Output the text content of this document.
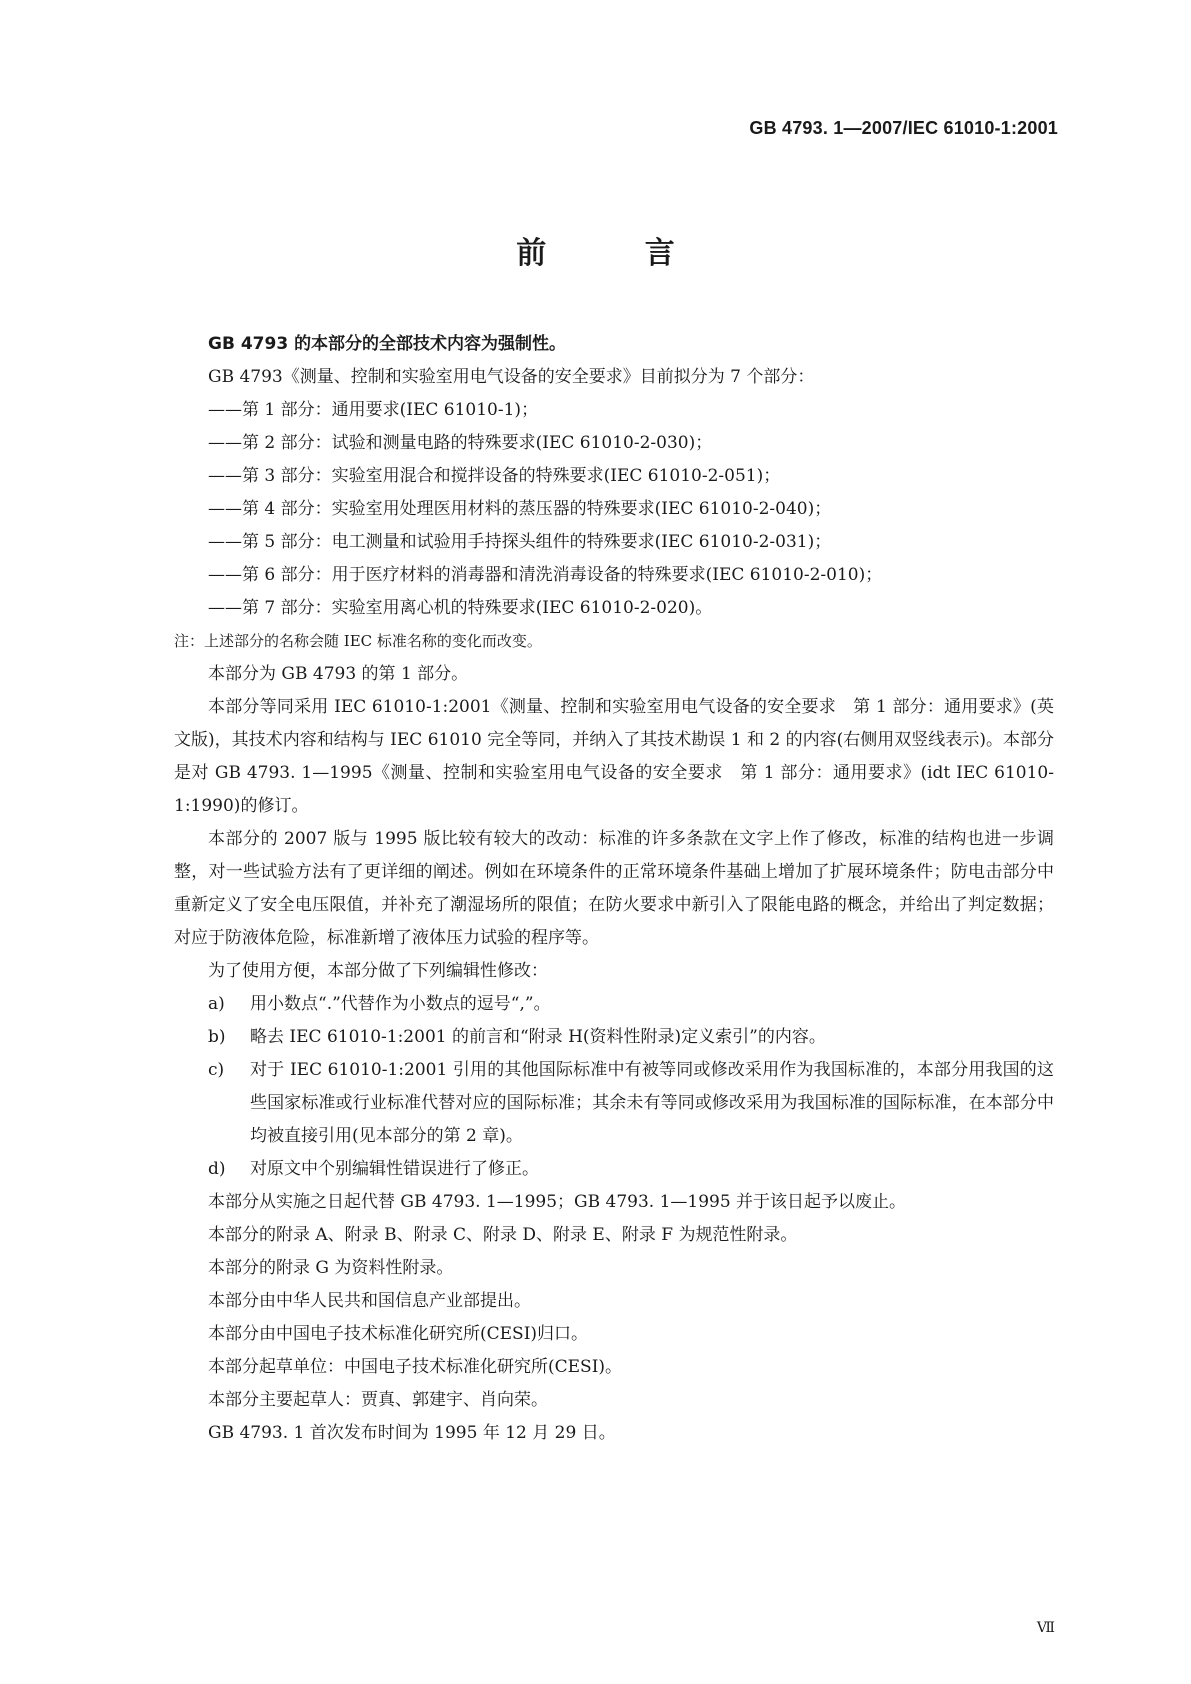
GB 4793. 1—2007/IEC 61010-1:2001
前 言

GB 4793 的本部分的全部技术内容为强制性。

GB 4793《测量、控制和实验室用电气设备的安全要求》目前拟分为 7 个部分：

——第 1 部分：通用要求(IEC 61010-1)；

——第 2 部分：试验和测量电路的特殊要求(IEC 61010-2-030)；

——第 3 部分：实验室用混合和搅拌设备的特殊要求(IEC 61010-2-051)；

——第 4 部分：实验室用处理医用材料的蒸压器的特殊要求(IEC 61010-2-040)；

——第 5 部分：电工测量和试验用手持探头组件的特殊要求(IEC 61010-2-031)；

——第 6 部分：用于医疗材料的消毒器和清洗消毒设备的特殊要求(IEC 61010-2-010)；

——第 7 部分：实验室用离心机的特殊要求(IEC 61010-2-020)。

注：上述部分的名称会随 IEC 标准名称的变化而改变。

本部分为 GB 4793 的第 1 部分。

本部分等同采用 IEC 61010-1:2001《测量、控制和实验室用电气设备的安全要求　第 1 部分：通用要求》(英文版)，其技术内容和结构与 IEC 61010 完全等同，并纳入了其技术勘误 1 和 2 的内容(右侧用双竖线表示)。本部分是对 GB 4793. 1—1995《测量、控制和实验室用电气设备的安全要求　第 1 部分：通用要求》(idt IEC 61010-1:1990)的修订。

本部分的 2007 版与 1995 版比较有较大的改动：标准的许多条款在文字上作了修改，标准的结构也进一步调整，对一些试验方法有了更详细的阐述。例如在环境条件的正常环境条件基础上增加了扩展环境条件；防电击部分中重新定义了安全电压限值，并补充了潮湿场所的限值；在防火要求中新引入了限能电路的概念，并给出了判定数据；对应于防液体危险，标准新增了液体压力试验的程序等。

为了使用方便，本部分做了下列编辑性修改：

a)	用小数点“.”代替作为小数点的逗号“,”。
b)	略去 IEC 61010-1:2001 的前言和“附录 H(资料性附录)定义索引”的内容。
c)	对于 IEC 61010-1:2001 引用的其他国际标准中有被等同或修改采用作为我国标准的，本部分用我国的这些国家标准或行业标准代替对应的国际标准；其余未有等同或修改采用为我国标准的国际标准，在本部分中均被直接引用(见本部分的第 2 章)。
d)	对原文中个别编辑性错误进行了修正。

本部分从实施之日起代替 GB 4793. 1—1995；GB 4793. 1—1995 并于该日起予以废止。

本部分的附录 A、附录 B、附录 C、附录 D、附录 E、附录 F 为规范性附录。

本部分的附录 G 为资料性附录。

本部分由中华人民共和国信息产业部提出。

本部分由中国电子技术标准化研究所(CESI)归口。

本部分起草单位：中国电子技术标准化研究所(CESI)。

本部分主要起草人：贾真、郭建宇、肖向荣。

GB 4793. 1 首次发布时间为 1995 年 12 月 29 日。

Ⅶ
